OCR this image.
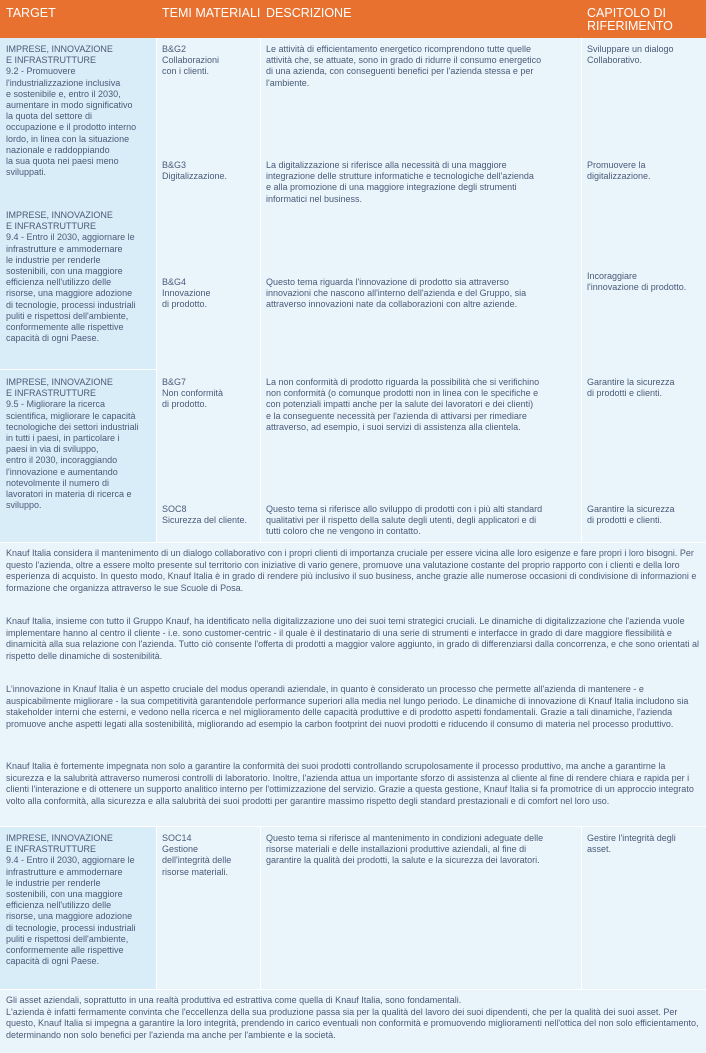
TARGET	TEMI MATERIALI DESCRIZIONE	CAPITOLO DI RIFERIMENTO
IMPRESE, INNOVAZIONE
E INFRASTRUTTURE
9.2 - Promuovere
l'industrializzazione inclusiva
e sostenibile e, entro il 2030,
aumentare in modo significativo
la quota del settore di
occupazione e il prodotto interno
lordo, in linea con la situazione
nazionale e raddoppiando
la sua quota nei paesi meno
sviluppati.
IMPRESE, INNOVAZIONE
E INFRASTRUTTURE
9.4 - Entro il 2030, aggiornare le
infrastrutture e ammodernare
le industrie per renderle
sostenibili, con una maggiore
efficienza nell'utilizzo delle
risorse, una maggiore adozione
di tecnologie, processi industriali
puliti e rispettosi dell'ambiente,
conformemente alle rispettive
capacità di ogni Paese.
IMPRESE, INNOVAZIONE
E INFRASTRUTTURE
9.5 - Migliorare la ricerca
scientifica, migliorare le capacità
tecnologiche dei settori industriali
in tutti i paesi, in particolare i
paesi in via di sviluppo,
entro il 2030, incoraggiando
l'innovazione e aumentando
notevolmente il numero di
lavoratori in materia di ricerca e
sviluppo.
B&G2
Collaborazioni
con i clienti.
Le attività di efficientamento energetico ricomprendono tutte quelle
attività che, se attuate, sono in grado di ridurre il consumo energetico
di una azienda, con conseguenti benefici per l'azienda stessa e per
l'ambiente.
Sviluppare un dialogo
Collaborativo.
B&G3
Digitalizzazione.
La digitalizzazione si riferisce alla necessità di una maggiore
integrazione delle strutture informatiche e tecnologiche dell'azienda
e alla promozione di una maggiore integrazione degli strumenti
informatici nel business.
Promuovere la
digitalizzazione.
B&G4
Innovazione
di prodotto.
Questo tema riguarda l'innovazione di prodotto sia attraverso
innovazioni che nascono all'interno dell'azienda e del Gruppo, sia
attraverso innovazioni nate da collaborazioni con altre aziende.
Incoraggiare
l'innovazione di prodotto.
B&G7
Non conformità
di prodotto.
La non conformità di prodotto riguarda la possibilità che si verifichino
non conformità (o comunque prodotti non in linea con le specifiche e
con potenziali impatti anche per la salute dei lavoratori e dei clienti)
e la conseguente necessità per l'azienda di attivarsi per rimediare
attraverso, ad esempio, i suoi servizi di assistenza alla clientela.
Garantire la sicurezza
di prodotti e clienti.
SOC8
Sicurezza del cliente.
Questo tema si riferisce allo sviluppo di prodotti con i più alti standard
qualitativi per il rispetto della salute degli utenti, degli applicatori e di
tutti coloro che ne vengono in contatto.
Garantire la sicurezza
di prodotti e clienti.
Knauf Italia considera il mantenimento di un dialogo collaborativo con i propri clienti di importanza cruciale per essere vicina alle loro esigenze e fare propri i loro bisogni. Per questo l'azienda, oltre a essere molto presente sul territorio con iniziative di vario genere, promuove una valutazione costante del proprio rapporto con i clienti e della loro esperienza di acquisto. In questo modo, Knauf Italia è in grado di rendere più inclusivo il suo business, anche grazie alle numerose occasioni di condivisione di informazioni e formazione che organizza attraverso le sue Scuole di Posa.
Knauf Italia, insieme con tutto il Gruppo Knauf, ha identificato nella digitalizzazione uno dei suoi temi strategici cruciali. Le dinamiche di digitalizzazione che l'azienda vuole implementare hanno al centro il cliente - i.e. sono customer-centric - il quale è il destinatario di una serie di strumenti e interfacce in grado di dare maggiore flessibilità e dinamicità alla sua relazione con l'azienda. Tutto ciò consente l'offerta di prodotti a maggior valore aggiunto, in grado di differenziarsi dalla concorrenza, e che sono orientati al rispetto delle dinamiche di sostenibilità.
L'innovazione in Knauf Italia è un aspetto cruciale del modus operandi aziendale, in quanto è considerato un processo che permette all'azienda di mantenere - e auspicabilmente migliorare - la sua competitività garantendole performance superiori alla media nel lungo periodo. Le dinamiche di innovazione di Knauf Italia includono sia stakeholder interni che esterni, e vedono nella ricerca e nel miglioramento delle capacità produttive e di prodotto aspetti fondamentali. Grazie a tali dinamiche, l'azienda promuove anche aspetti legati alla sostenibilità, migliorando ad esempio la carbon footprint dei nuovi prodotti e riducendo il consumo di materia nel processo produttivo.
Knauf Italia è fortemente impegnata non solo a garantire la conformità dei suoi prodotti controllando scrupolosamente il processo produttivo, ma anche a garantirne la sicurezza e la salubrità attraverso numerosi controlli di laboratorio. Inoltre, l'azienda attua un importante sforzo di assistenza al cliente al fine di rendere chiara e rapida per i clienti l'interazione e di ottenere un supporto analitico interno per l'ottimizzazione del servizio. Grazie a questa gestione, Knauf Italia si fa promotrice di un approccio integrato volto alla conformità, alla sicurezza e alla salubrità dei suoi prodotti per garantire massimo rispetto degli standard prestazionali e di comfort nel loro uso.
IMPRESE, INNOVAZIONE
E INFRASTRUTTURE
9.4 - Entro il 2030, aggiornare le
infrastrutture e ammodernare
le industrie per renderle
sostenibili, con una maggiore
efficienza nell'utilizzo delle
risorse, una maggiore adozione
di tecnologie, processi industriali
puliti e rispettosi dell'ambiente,
conformemente alle rispettive
capacità di ogni Paese.
SOC14
Gestione
dell'integrità delle
risorse materiali.
Questo tema si riferisce al mantenimento in condizioni adeguate delle
risorse materiali e delle installazioni produttive aziendali, al fine di
garantire la qualità dei prodotti, la salute e la sicurezza dei lavoratori.
Gestire l'integrità degli
asset.
Gli asset aziendali, soprattutto in una realtà produttiva ed estrattiva come quella di Knauf Italia, sono fondamentali.
L'azienda è infatti fermamente convinta che l'eccellenza della sua produzione passa sia per la qualità del lavoro dei suoi dipendenti, che per la qualità dei suoi asset. Per questo, Knauf Italia si impegna a garantire la loro integrità, prendendo in carico eventuali non conformità e promuovendo miglioramenti nell'ottica del non solo efficientamento, determinando non solo benefici per l'azienda ma anche per l'ambiente e la società.
